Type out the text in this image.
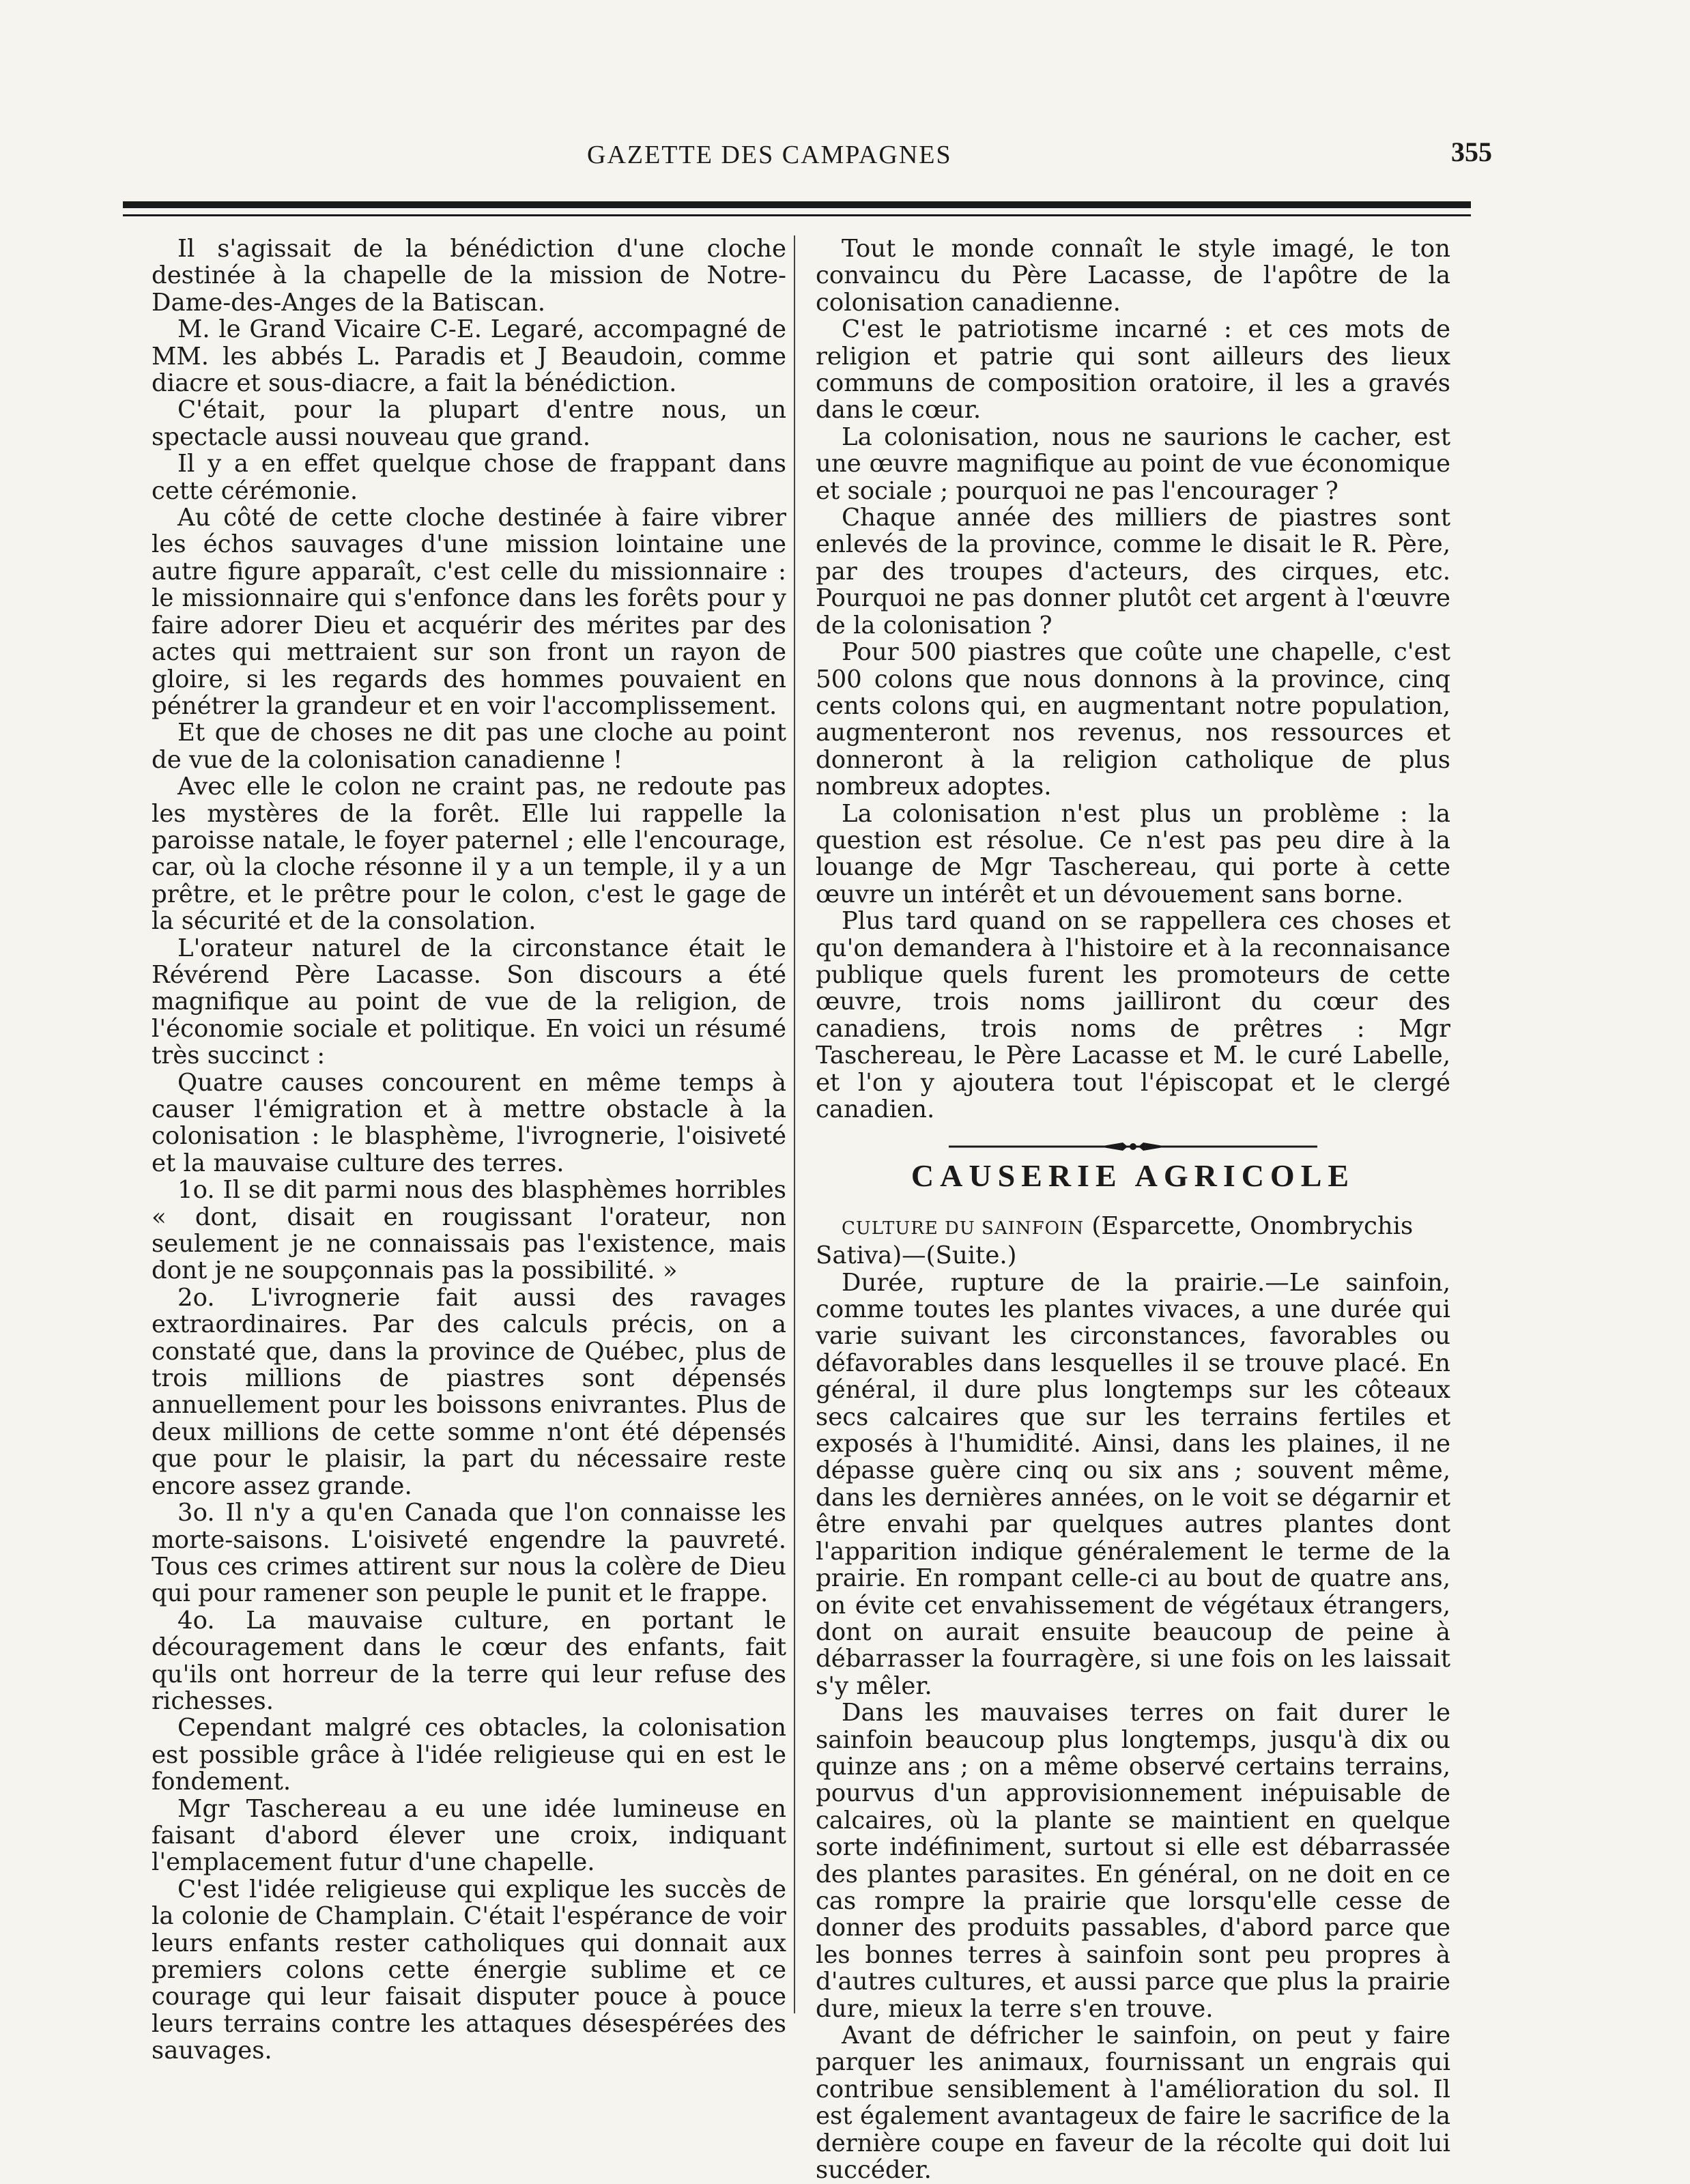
GAZETTE DES CAMPAGNES	355

Il s'agissait de la bénédiction d'une cloche destinée à la chapelle de la mission de Notre-Dame-des-Anges de la Batiscan.

M. le Grand Vicaire C-E. Legaré, accompagné de MM. les abbés L. Paradis et J Beaudoin, comme diacre et sous-diacre, a fait la bénédiction.

C'était, pour la plupart d'entre nous, un spectacle aussi nouveau que grand.

Il y a en effet quelque chose de frappant dans cette cérémonie.

Au côté de cette cloche destinée à faire vibrer les échos sauvages d'une mission lointaine une autre figure apparaît, c'est celle du missionnaire : le missionnaire qui s'enfonce dans les forêts pour y faire adorer Dieu et acquérir des mérites par des actes qui mettraient sur son front un rayon de gloire, si les regards des hommes pouvaient en pénétrer la grandeur et en voir l'accomplissement.

Et que de choses ne dit pas une cloche au point de vue de la colonisation canadienne !

Avec elle le colon ne craint pas, ne redoute pas les mystères de la forêt. Elle lui rappelle la paroisse natale, le foyer paternel ; elle l'encourage, car, où la cloche résonne il y a un temple, il y a un prêtre, et le prêtre pour le colon, c'est le gage de la sécurité et de la consolation.

L'orateur naturel de la circonstance était le Révérend Père Lacasse. Son discours a été magnifique au point de vue de la religion, de l'économie sociale et politique. En voici un résumé très succinct :

Quatre causes concourent en même temps à causer l'émigration et à mettre obstacle à la colonisation : le blasphème, l'ivrognerie, l'oisiveté et la mauvaise culture des terres.

1o. Il se dit parmi nous des blasphèmes horribles « dont, disait en rougissant l'orateur, non seulement je ne connaissais pas l'existence, mais dont je ne soupçonnais pas la possibilité. »

2o. L'ivrognerie fait aussi des ravages extraordinaires. Par des calculs précis, on a constaté que, dans la province de Québec, plus de trois millions de piastres sont dépensés annuellement pour les boissons enivrantes. Plus de deux millions de cette somme n'ont été dépensés que pour le plaisir, la part du nécessaire reste encore assez grande.

3o. Il n'y a qu'en Canada que l'on connaisse les morte-saisons. L'oisiveté engendre la pauvreté. Tous ces crimes attirent sur nous la colère de Dieu qui pour ramener son peuple le punit et le frappe.

4o. La mauvaise culture, en portant le découragement dans le cœur des enfants, fait qu'ils ont horreur de la terre qui leur refuse des richesses.

Cependant malgré ces obtacles, la colonisation est possible grâce à l'idée religieuse qui en est le fondement.

Mgr Taschereau a eu une idée lumineuse en faisant d'abord élever une croix, indiquant l'emplacement futur d'une chapelle.

C'est l'idée religieuse qui explique les succès de la colonie de Champlain. C'était l'espérance de voir leurs enfants rester catholiques qui donnait aux premiers colons cette énergie sublime et ce courage qui leur faisait disputer pouce à pouce leurs terrains contre les attaques désespérées des sauvages.

Tout le monde connaît le style imagé, le ton convaincu du Père Lacasse, de l'apôtre de la colonisation canadienne.

C'est le patriotisme incarné : et ces mots de religion et patrie qui sont ailleurs des lieux communs de composition oratoire, il les a gravés dans le cœur.

La colonisation, nous ne saurions le cacher, est une œuvre magnifique au point de vue économique et sociale ; pourquoi ne pas l'encourager ?

Chaque année des milliers de piastres sont enlevés de la province, comme le disait le R. Père, par des troupes d'acteurs, des cirques, etc. Pourquoi ne pas donner plutôt cet argent à l'œuvre de la colonisation ?

Pour 500 piastres que coûte une chapelle, c'est 500 colons que nous donnons à la province, cinq cents colons qui, en augmentant notre population, augmenteront nos revenus, nos ressources et donneront à la religion catholique de plus nombreux adoptes.

La colonisation n'est plus un problème : la question est résolue. Ce n'est pas peu dire à la louange de Mgr Taschereau, qui porte à cette œuvre un intérêt et un dévouement sans borne.

Plus tard quand on se rappellera ces choses et qu'on demandera à l'histoire et à la reconnaisance publique quels furent les promoteurs de cette œuvre, trois noms jailliront du cœur des canadiens, trois noms de prêtres : Mgr Taschereau, le Père Lacasse et M. le curé Labelle, et l'on y ajoutera tout l'épiscopat et le clergé canadien.

CAUSERIE AGRICOLE

CULTURE DU SAINFOIN (Esparcette, Onombrychis Sativa)—(Suite.)

Durée, rupture de la prairie.—Le sainfoin, comme toutes les plantes vivaces, a une durée qui varie suivant les circonstances, favorables ou défavorables dans lesquelles il se trouve placé. En général, il dure plus longtemps sur les côteaux secs calcaires que sur les terrains fertiles et exposés à l'humidité. Ainsi, dans les plaines, il ne dépasse guère cinq ou six ans ; souvent même, dans les dernières années, on le voit se dégarnir et être envahi par quelques autres plantes dont l'apparition indique généralement le terme de la prairie. En rompant celle-ci au bout de quatre ans, on évite cet envahissement de végétaux étrangers, dont on aurait ensuite beaucoup de peine à débarrasser la fourragère, si une fois on les laissait s'y mêler.

Dans les mauvaises terres on fait durer le sainfoin beaucoup plus longtemps, jusqu'à dix ou quinze ans ; on a même observé certains terrains, pourvus d'un approvisionnement inépuisable de calcaires, où la plante se maintient en quelque sorte indéfiniment, surtout si elle est débarrassée des plantes parasites. En général, on ne doit en ce cas rompre la prairie que lorsqu'elle cesse de donner des produits passables, d'abord parce que les bonnes terres à sainfoin sont peu propres à d'autres cultures, et aussi parce que plus la prairie dure, mieux la terre s'en trouve.

Avant de défricher le sainfoin, on peut y faire parquer les animaux, fournissant un engrais qui contribue sensiblement à l'amélioration du sol. Il est également avantageux de faire le sacrifice de la dernière coupe en faveur de la récolte qui doit lui succéder.
